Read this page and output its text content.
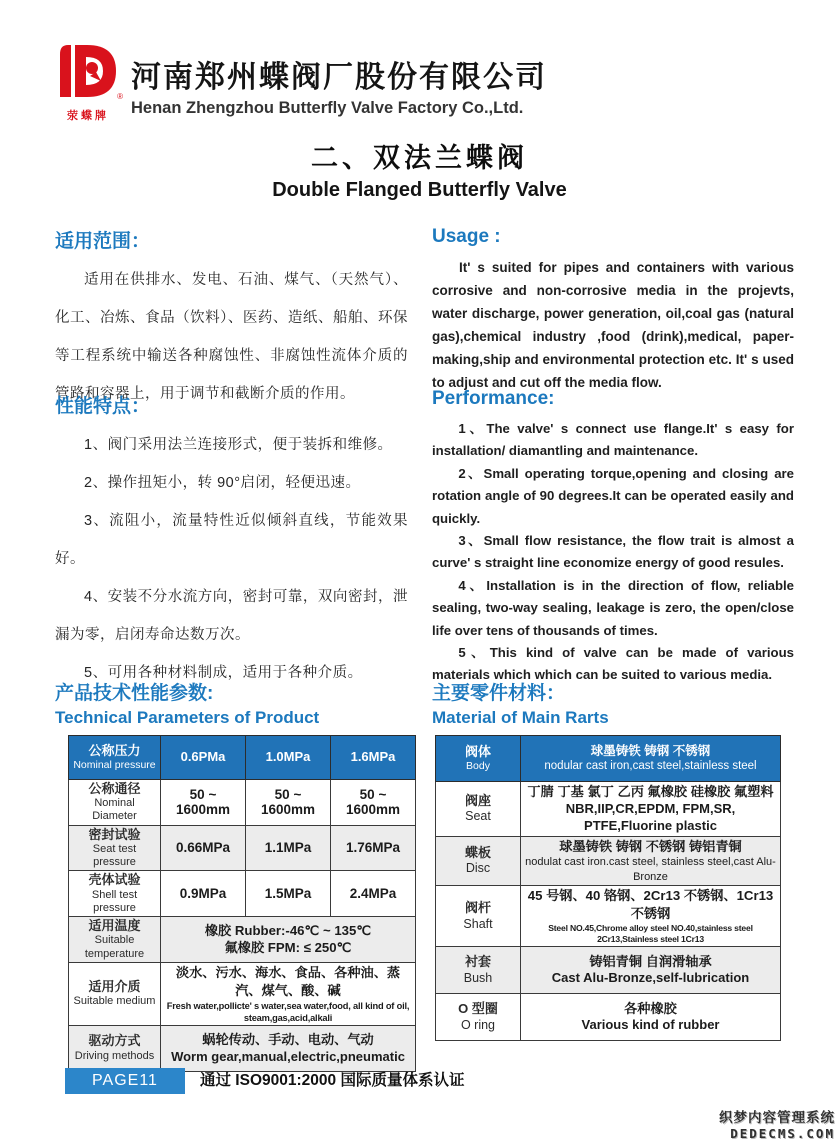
®
荥蝶牌
河南郑州蝶阀厂股份有限公司
Henan Zhengzhou Butterfly Valve Factory Co.,Ltd.
二、双法兰蝶阀
Double Flanged Butterfly Valve
适用范围：

适用在供排水、发电、石油、煤气、（天然气）、化工、冶炼、食品（饮料）、医药、造纸、船舶、环保等工程系统中输送各种腐蚀性、非腐蚀性流体介质的管路和容器上，用于调节和截断介质的作用。

性能特点：

1、阀门采用法兰连接形式，便于装拆和维修。

2、操作扭矩小，转 90°启闭，轻便迅速。

3、流阻小，流量特性近似倾斜直线，节能效果好。

4、安装不分水流方向，密封可靠，双向密封，泄漏为零，启闭寿命达数万次。

5、可用各种材料制成，适用于各种介质。

Usage :

It' s suited for pipes and containers with various corrosive and non-corrosive media in the projevts, water discharge, power generation, oil,coal gas (natural gas),chemical industry ,food (drink),medical, paper-making,ship and environmental protection etc. It' s used to adjust and cut off the media flow.

Performance:

1、The valve' s connect use flange.It' s easy for installation/ diamantling and maintenance.

2、Small operating torque,opening and closing are rotation angle of 90 degrees.It can be operated easily and quickly.

3、Small flow resistance, the flow trait is almost a curve' s straight line economize energy of good resules.

4、Installation is in the direction of flow, reliable sealing, two-way sealing, leakage is zero, the open/close life over tens of thousands of times.

5、This kind of valve can be made of various materials which which can be suited to various media.

产品技术性能参数:
Technical Parameters of Product
主要零件材料：
Material of Main Rarts
公称压力
Nominal pressure	0.6PMa	1.0MPa	1.6MPa

公称通径
Nominal Diameter	50 ~ 1600mm	50 ~ 1600mm	50 ~ 1600mm

密封试验
Seat test pressure	0.66MPa	1.1MPa	1.76MPa

壳体试验
Shell test pressure	0.9MPa	1.5MPa	2.4MPa

适用温度
Suitable temperature

橡胶 Rubber:-46℃ ~ 135℃
氟橡胶 FPM: ≤ 250℃

适用介质
Suitable medium

淡水、污水、海水、食品、各种油、蒸汽、煤气、酸、碱
Fresh water,pollicte' s water,sea water,food, all kind of oil, steam,gas,acid,alkali

驱动方式
Driving methods

蜗轮传动、手动、电动、气动
Worm gear,manual,electric,pneumatic
阀体
Body

球墨铸铁 铸钢 不锈钢
nodular cast iron,cast steel,stainless steel

阀座
Seat

丁腈 丁基 氯丁 乙丙 氟橡胶 硅橡胶 氟塑料
NBR,IIP,CR,EPDM, FPM,SR, PTFE,Fluorine plastic

蝶板
Disc

球墨铸铁 铸钢 不锈钢 铸铝青铜
nodulat cast iron.cast steel, stainless steel,cast Alu-Bronze

阀杆
Shaft

45 号钢、40 铬钢、2Cr13 不锈钢、1Cr13 不锈钢
Steel NO.45,Chrome alloy steel NO.40,stainless steel 2Cr13,Stainless steel 1Cr13

衬套
Bush

铸铝青铜 自润滑轴承
Cast Alu-Bronze,self-lubrication

O 型圈
O ring

各种橡胶
Various kind of rubber
PAGE11	通过 ISO9001:2000 国际质量体系认证
织梦内容管理系统
DEDECMS.COM
